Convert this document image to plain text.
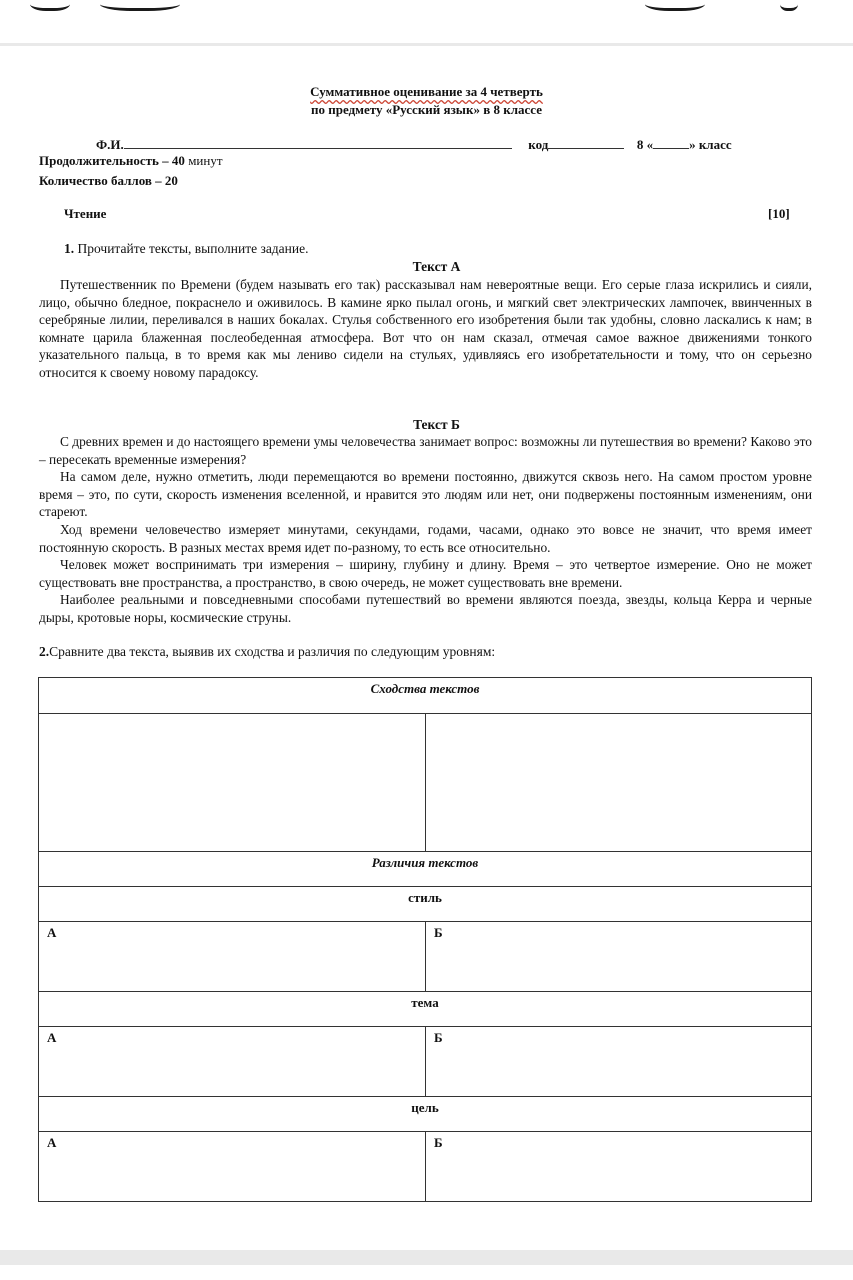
Суммативное оценивание за 4 четверть
по предмету «Русский язык» в 8 классе
Ф.И.	код	8 «	» класс
Продолжительность – 40 минут
Количество баллов – 20
Чтение	[10]
1. Прочитайте тексты, выполните задание.
Текст А

Путешественник по Времени (будем называть его так) рассказывал нам невероятные вещи. Его серые глаза искрились и сияли, лицо, обычно бледное, покраснело и оживилось. В камине ярко пылал огонь, и мягкий свет электрических лампочек, ввинченных в серебряные лилии, переливался в наших бокалах. Стулья собственного его изобретения были так удобны, словно ласкались к нам; в комнате царила блаженная послеобеденная атмосфера. Вот что он нам сказал, отмечая самое важное движениями тонкого указательного пальца, в то время как мы лениво сидели на стульях, удивляясь его изобретательности и тому, что он серьезно относится к своему новому парадоксу.

Текст Б

С древних времен и до настоящего времени умы человечества занимает вопрос: возможны ли путешествия во времени? Каково это – пересекать временные измерения?

На самом деле, нужно отметить, люди перемещаются во времени постоянно, движутся сквозь него. На самом простом уровне время – это, по сути, скорость изменения вселенной, и нравится это людям или нет, они подвержены постоянным изменениям, они стареют.

Ход времени человечество измеряет минутами, секундами, годами, часами, однако это вовсе не значит, что время имеет постоянную скорость. В разных местах время идет по-разному, то есть все относительно.

Человек может воспринимать три измерения – ширину, глубину и длину. Время – это четвертое измерение. Оно не может существовать вне пространства, а пространство, в свою очередь, не может существовать вне времени.

Наиболее реальными и повседневными способами путешествий во времени являются поезда, звезды, кольца Керра и черные дыры, кротовые норы, космические струны.

2.Сравните два текста, выявив их сходства и различия по следующим уровням:
Сходства текстов	

Различия текстов	
стиль	
А	Б
тема	
А	Б
цель	
А	Б
